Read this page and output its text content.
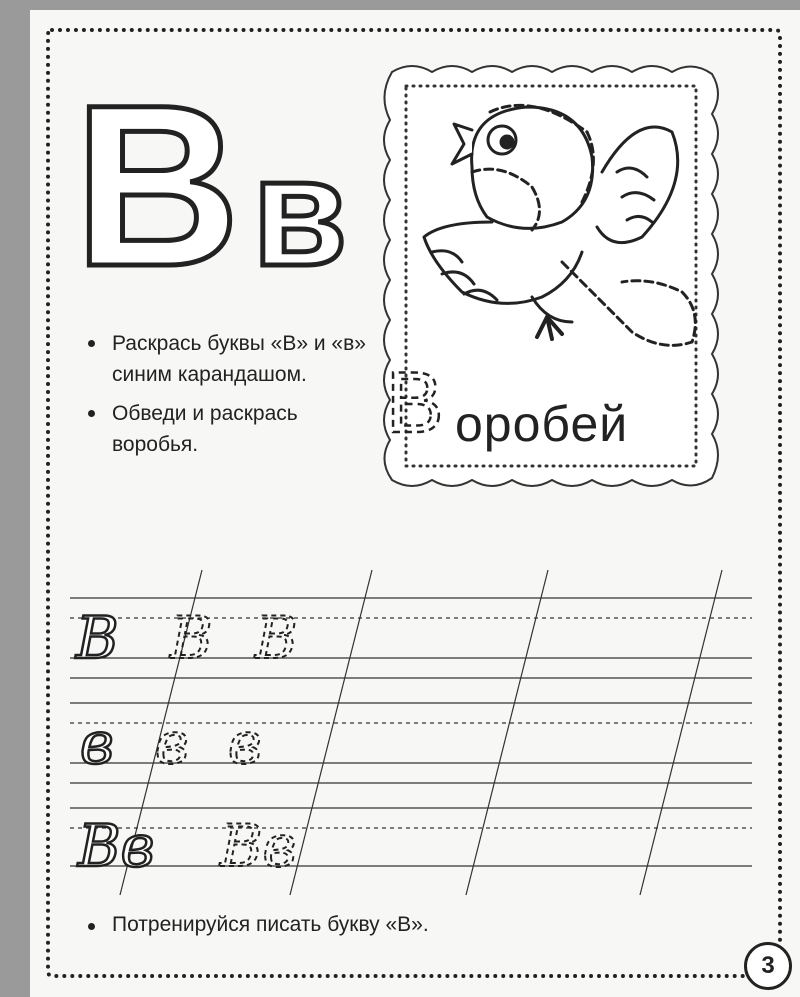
В в
В оробей
Раскрась буквы «В» и «в» синим карандашом.
Обведи и раскрась воробья.
В В В
в в в
Вв Вв
Потренируйся писать букву «В».
3
